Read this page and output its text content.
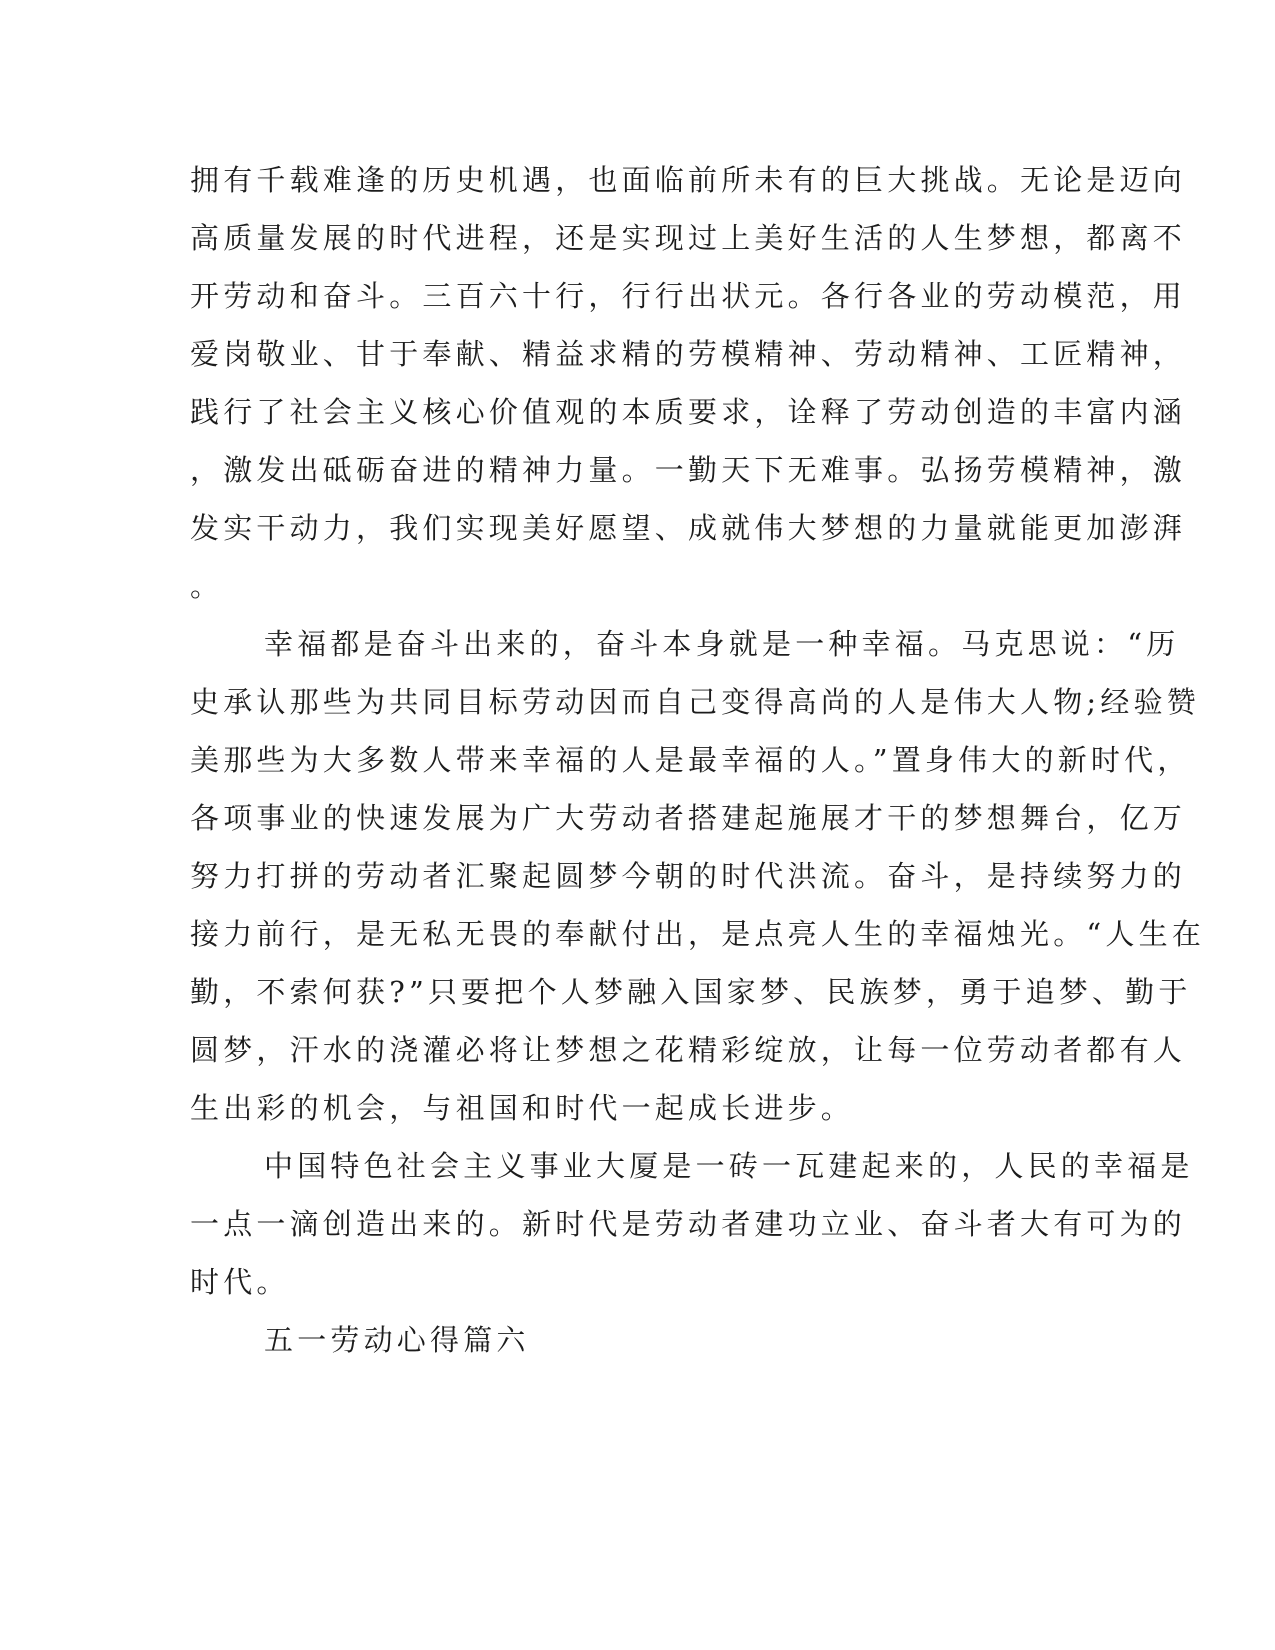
拥有千载难逢的历史机遇，也面临前所未有的巨大挑战。无论是迈向

高质量发展的时代进程，还是实现过上美好生活的人生梦想，都离不

开劳动和奋斗。三百六十行，行行出状元。各行各业的劳动模范，用

爱岗敬业、甘于奉献、精益求精的劳模精神、劳动精神、工匠精神，

践行了社会主义核心价值观的本质要求，诠释了劳动创造的丰富内涵

，激发出砥砺奋进的精神力量。一勤天下无难事。弘扬劳模精神，激

发实干动力，我们实现美好愿望、成就伟大梦想的力量就能更加澎湃

。

幸福都是奋斗出来的，奋斗本身就是一种幸福。马克思说：“历

史承认那些为共同目标劳动因而自己变得高尚的人是伟大人物;经验赞

美那些为大多数人带来幸福的人是最幸福的人。”置身伟大的新时代，

各项事业的快速发展为广大劳动者搭建起施展才干的梦想舞台，亿万

努力打拼的劳动者汇聚起圆梦今朝的时代洪流。奋斗，是持续努力的

接力前行，是无私无畏的奉献付出，是点亮人生的幸福烛光。“人生在

勤，不索何获?”只要把个人梦融入国家梦、民族梦，勇于追梦、勤于

圆梦，汗水的浇灌必将让梦想之花精彩绽放，让每一位劳动者都有人

生出彩的机会，与祖国和时代一起成长进步。

中国特色社会主义事业大厦是一砖一瓦建起来的，人民的幸福是

一点一滴创造出来的。新时代是劳动者建功立业、奋斗者大有可为的

时代。

五一劳动心得篇六
